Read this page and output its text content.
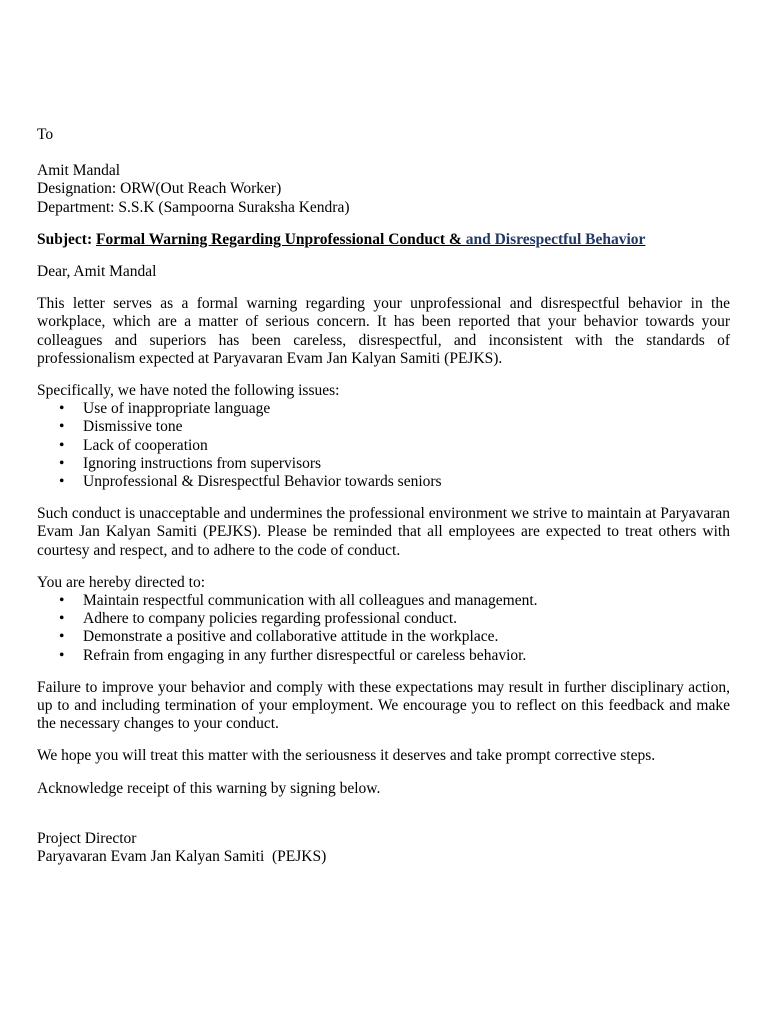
To

Amit Mandal

Designation: ORW(Out Reach Worker)

Department: S.S.K (Sampoorna Suraksha Kendra)

Subject: Formal Warning Regarding Unprofessional Conduct & and Disrespectful Behavior

Dear, Amit Mandal

This letter serves as a formal warning regarding your unprofessional and disrespectful behavior in the workplace, which are a matter of serious concern. It has been reported that your behavior towards your colleagues and superiors has been careless, disrespectful, and inconsistent with the standards of professionalism expected at Paryavaran Evam Jan Kalyan Samiti (PEJKS).

Specifically, we have noted the following issues:

• Use of inappropriate language
• Dismissive tone
• Lack of cooperation
• Ignoring instructions from supervisors
• Unprofessional & Disrespectful Behavior towards seniors

Such conduct is unacceptable and undermines the professional environment we strive to maintain at Paryavaran Evam Jan Kalyan Samiti (PEJKS). Please be reminded that all employees are expected to treat others with courtesy and respect, and to adhere to the code of conduct.

You are hereby directed to:

• Maintain respectful communication with all colleagues and management.
• Adhere to company policies regarding professional conduct.
• Demonstrate a positive and collaborative attitude in the workplace.
• Refrain from engaging in any further disrespectful or careless behavior.

Failure to improve your behavior and comply with these expectations may result in further disciplinary action, up to and including termination of your employment. We encourage you to reflect on this feedback and make the necessary changes to your conduct.

We hope you will treat this matter with the seriousness it deserves and take prompt corrective steps.

Acknowledge receipt of this warning by signing below.

Project Director

Paryavaran Evam Jan Kalyan Samiti  (PEJKS)
